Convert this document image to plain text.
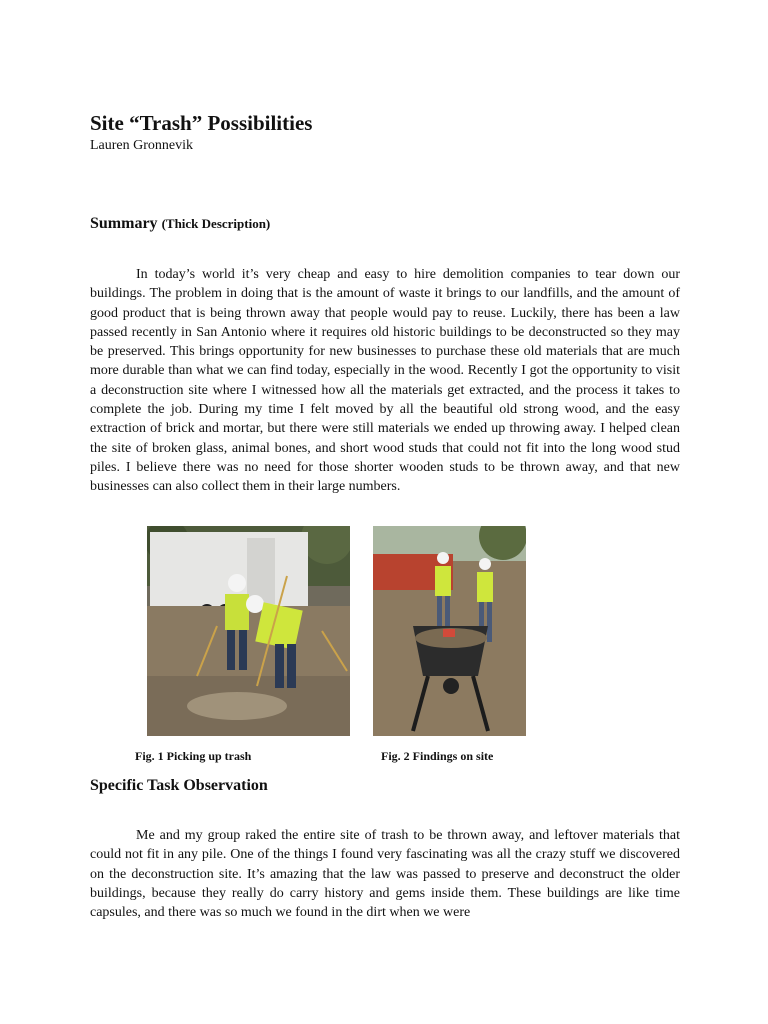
Site “Trash” Possibilities
Lauren Gronnevik
Summary (Thick Description)

In today’s world it’s very cheap and easy to hire demolition companies to tear down our buildings. The problem in doing that is the amount of waste it brings to our landfills, and the amount of good product that is being thrown away that people would pay to reuse. Luckily, there has been a law passed recently in San Antonio where it requires old historic buildings to be deconstructed so they may be preserved. This brings opportunity for new businesses to purchase these old materials that are much more durable than what we can find today, especially in the wood. Recently I got the opportunity to visit a deconstruction site where I witnessed how all the materials get extracted, and the process it takes to complete the job. During my time I felt moved by all the beautiful old strong wood, and the easy extraction of brick and mortar, but there were still materials we ended up throwing away. I helped clean the site of broken glass, animal bones, and short wood studs that could not fit into the long wood stud piles. I believe there was no need for those shorter wooden studs to be thrown away, and that new businesses can also collect them in their large numbers.

Fig. 1 Picking up trash	Fig. 2 Findings on site
Specific Task Observation

Me and my group raked the entire site of trash to be thrown away, and leftover materials that could not fit in any pile. One of the things I found very fascinating was all the crazy stuff we discovered on the deconstruction site. It’s amazing that the law was passed to preserve and deconstruct the older buildings, because they really do carry history and gems inside them. These buildings are like time capsules, and there was so much we found in the dirt when we were
